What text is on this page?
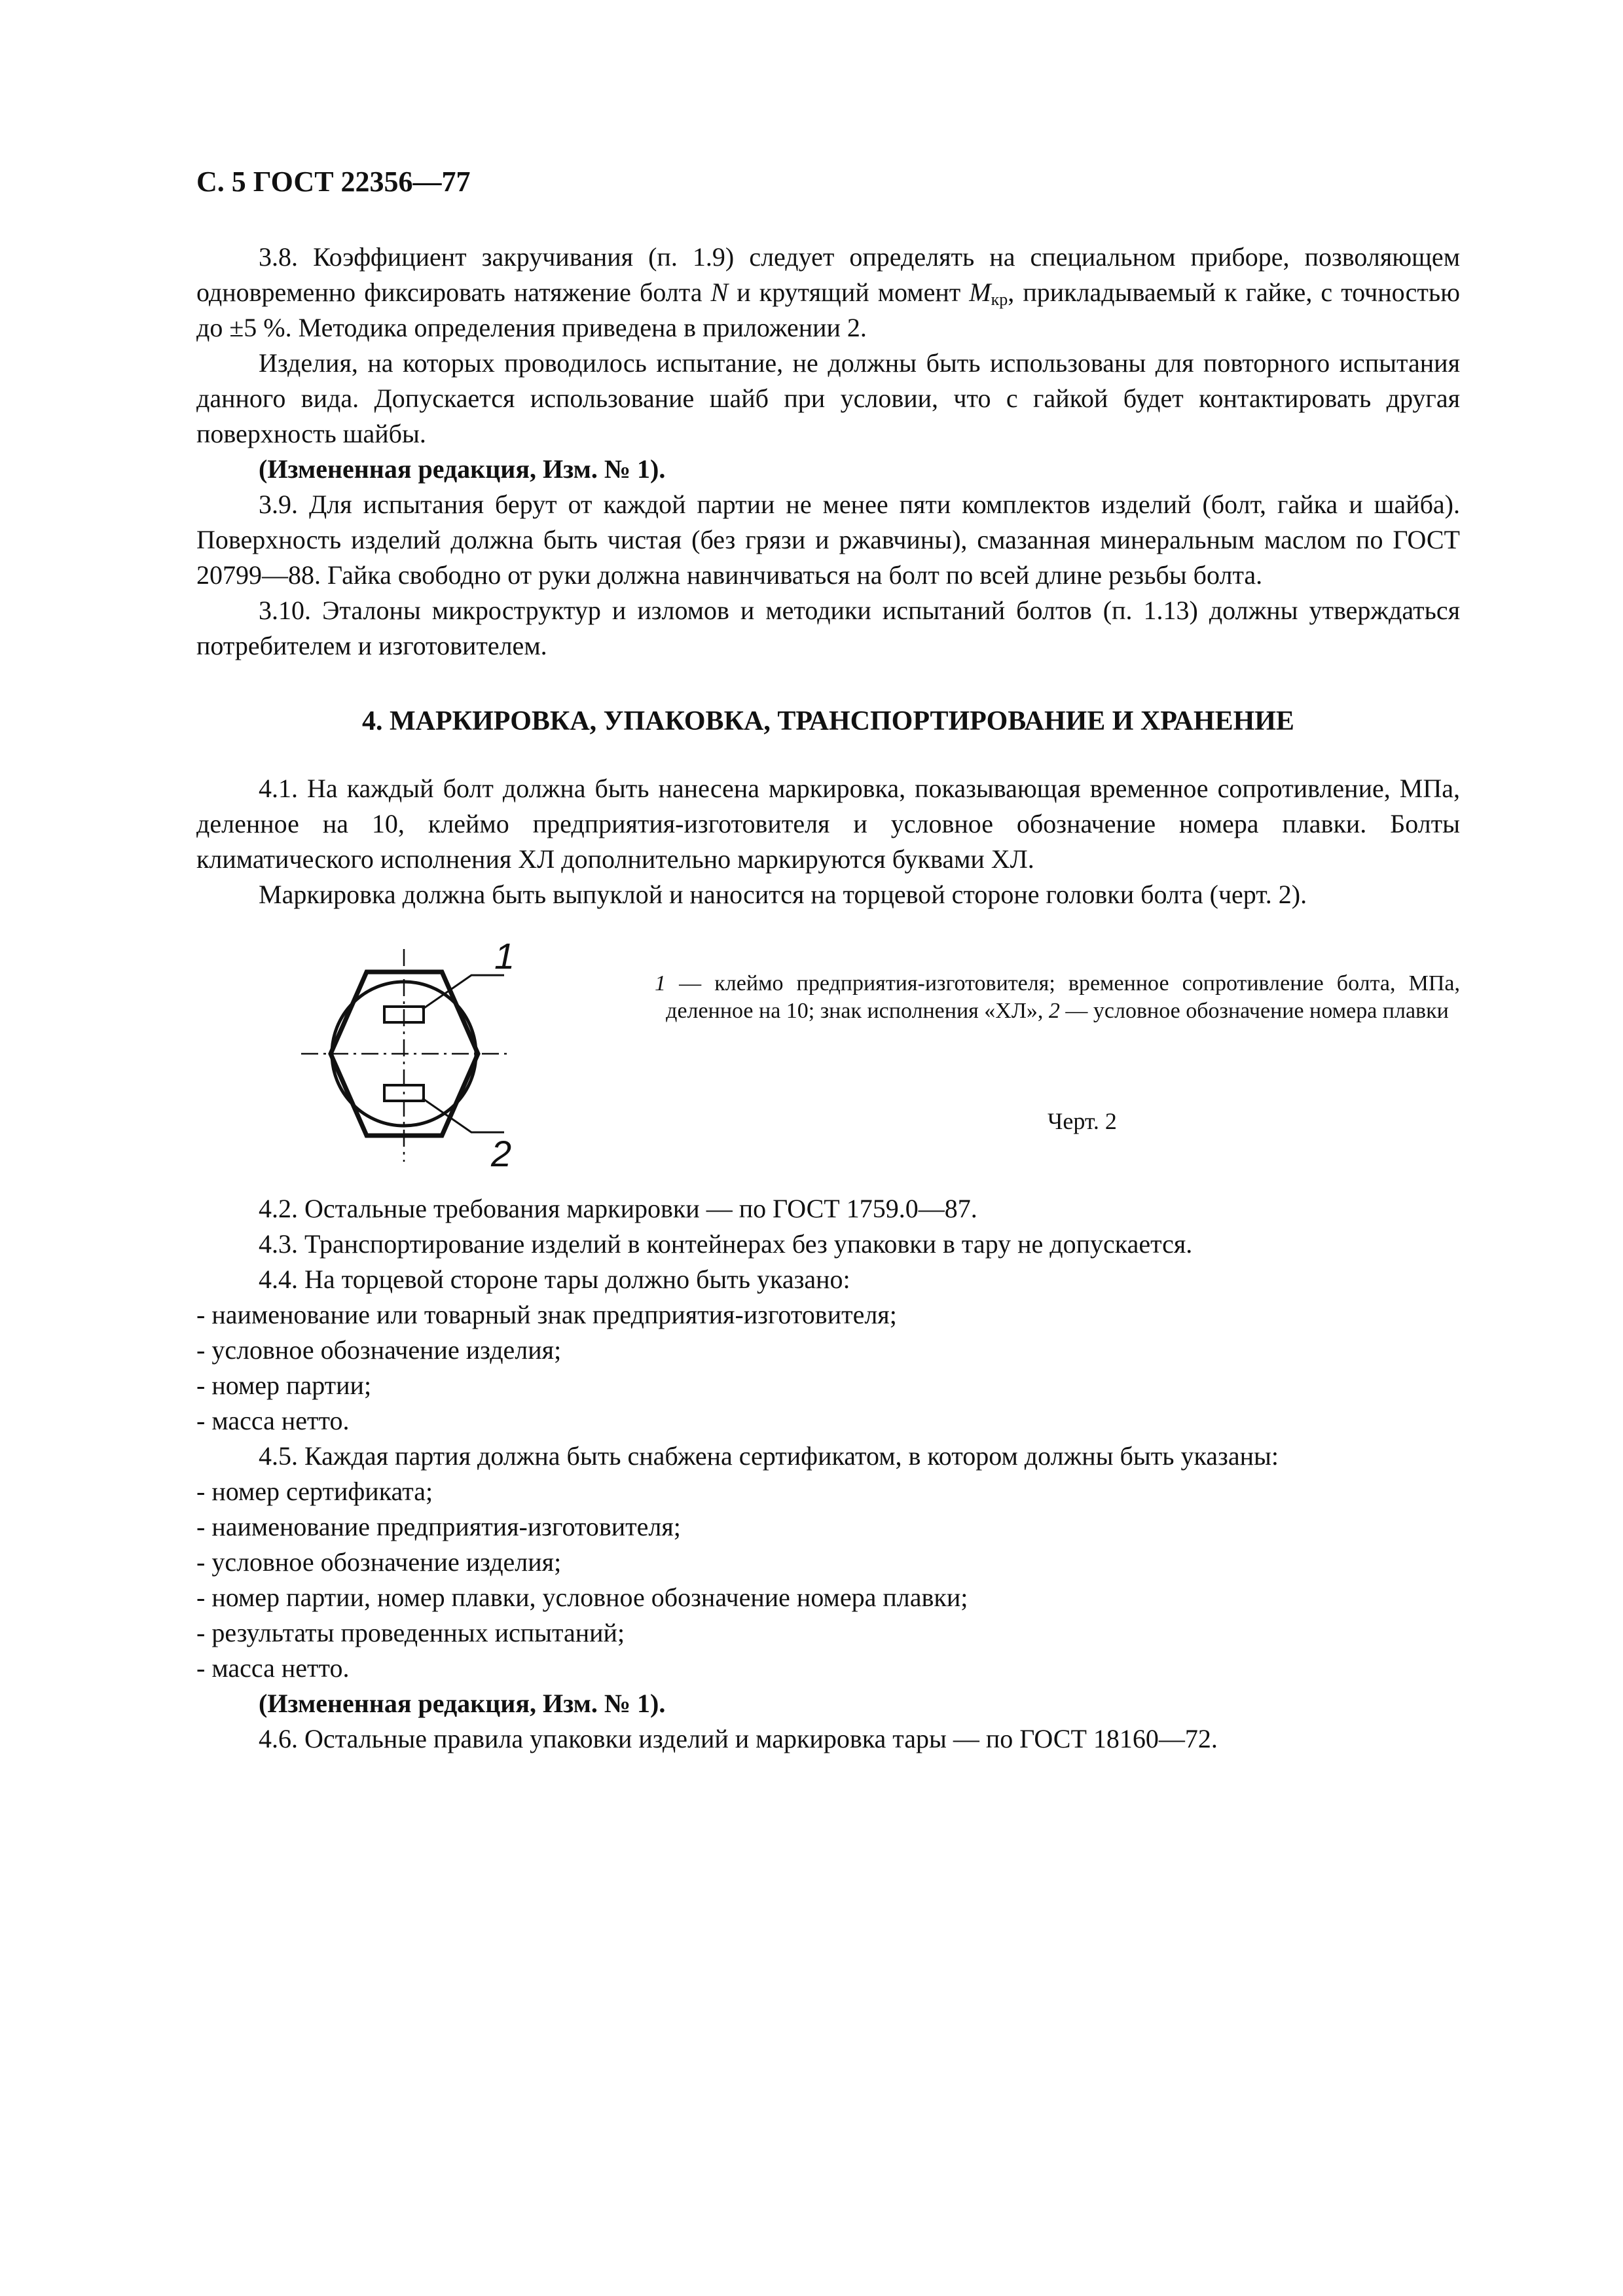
С. 5 ГОСТ 22356—77

3.8. Коэффициент закручивания (п. 1.9) следует определять на специальном приборе, позволяющем одновременно фиксировать натяжение болта N и крутящий момент $M_{кр}$, прикладываемый к гайке, с точностью до ±5 %. Методика определения приведена в приложении 2.

Изделия, на которых проводилось испытание, не должны быть использованы для повторного испытания данного вида. Допускается использование шайб при условии, что с гайкой будет контактировать другая поверхность шайбы.

(Измененная редакция, Изм. № 1).

3.9. Для испытания берут от каждой партии не менее пяти комплектов изделий (болт, гайка и шайба). Поверхность изделий должна быть чистая (без грязи и ржавчины), смазанная минеральным маслом по ГОСТ 20799—88. Гайка свободно от руки должна навинчиваться на болт по всей длине резьбы болта.

3.10. Эталоны микроструктур и изломов и методики испытаний болтов (п. 1.13) должны утверждаться потребителем и изготовителем.

4. МАРКИРОВКА, УПАКОВКА, ТРАНСПОРТИРОВАНИЕ И ХРАНЕНИЕ

4.1. На каждый болт должна быть нанесена маркировка, показывающая временное сопротивление, МПа, деленное на 10, клеймо предприятия-изготовителя и условное обозначение номера плавки. Болты климатического исполнения ХЛ дополнительно маркируются буквами ХЛ.

Маркировка должна быть выпуклой и наносится на торцевой стороне головки болта (черт. 2).

1
2
1 — клеймо предприятия-изготовителя; временное сопротивление болта, МПа, деленное на 10; знак исполнения «ХЛ», 2 — условное обозначение номера плавки
Черт. 2

4.2. Остальные требования маркировки — по ГОСТ 1759.0—87.

4.3. Транспортирование изделий в контейнерах без упаковки в тару не допускается.

4.4. На торцевой стороне тары должно быть указано:

- наименование или товарный знак предприятия-изготовителя;

- условное обозначение изделия;

- номер партии;

- масса нетто.

4.5. Каждая партия должна быть снабжена сертификатом, в котором должны быть указаны:

- номер сертификата;

- наименование предприятия-изготовителя;

- условное обозначение изделия;

- номер партии, номер плавки, условное обозначение номера плавки;

- результаты проведенных испытаний;

- масса нетто.

(Измененная редакция, Изм. № 1).

4.6. Остальные правила упаковки изделий и маркировка тары — по ГОСТ 18160—72.
